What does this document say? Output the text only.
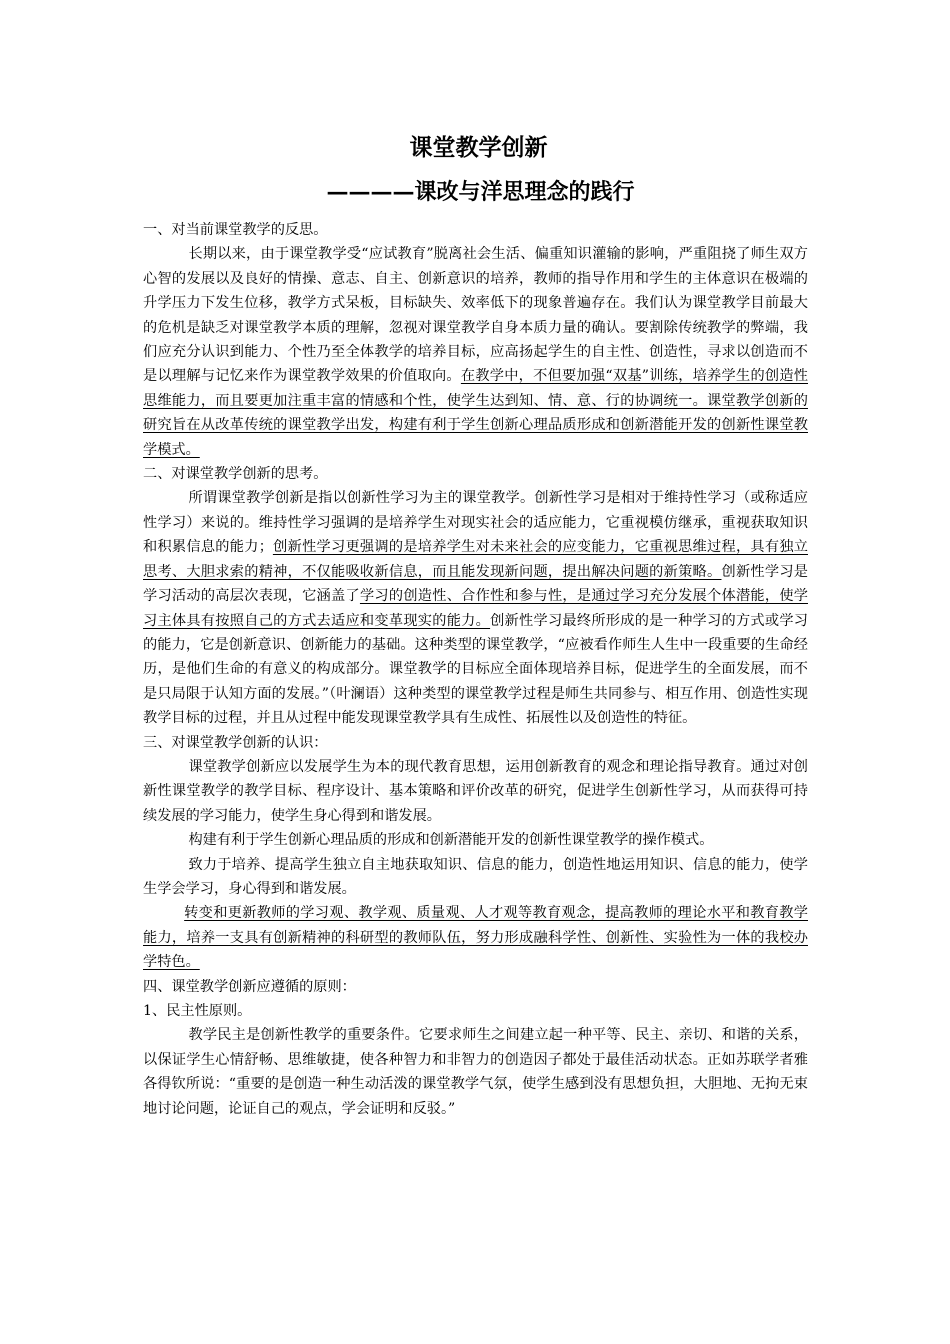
课堂教学创新
————课改与洋思理念的践行
一、对当前课堂教学的反思。

长期以来，由于课堂教学受“应试教育”脱离社会生活、偏重知识灌输的影响，严重阻挠了师生双方心智的发展以及良好的情操、意志、自主、创新意识的培养，教师的指导作用和学生的主体意识在极端的升学压力下发生位移，教学方式呆板，目标缺失、效率低下的现象普遍存在。我们认为课堂教学目前最大的危机是缺乏对课堂教学本质的理解，忽视对课堂教学自身本质力量的确认。要割除传统教学的弊端，我们应充分认识到能力、个性乃至全体教学的培养目标，应高扬起学生的自主性、创造性，寻求以创造而不是以理解与记忆来作为课堂教学效果的价值取向。在教学中，不但要加强“双基”训练，培养学生的创造性思维能力，而且要更加注重丰富的情感和个性，使学生达到知、情、意、行的协调统一。课堂教学创新的研究旨在从改革传统的课堂教学出发，构建有利于学生创新心理品质形成和创新潜能开发的创新性课堂教学模式。

二、对课堂教学创新的思考。

所谓课堂教学创新是指以创新性学习为主的课堂教学。创新性学习是相对于维持性学习（或称适应性学习）来说的。维持性学习强调的是培养学生对现实社会的适应能力，它重视模仿继承，重视获取知识和积累信息的能力；创新性学习更强调的是培养学生对未来社会的应变能力，它重视思维过程，具有独立思考、大胆求索的精神，不仅能吸收新信息，而且能发现新问题，提出解决问题的新策略。创新性学习是学习活动的高层次表现，它涵盖了学习的创造性、合作性和参与性，是通过学习充分发展个体潜能，使学习主体具有按照自己的方式去适应和变革现实的能力。创新性学习最终所形成的是一种学习的方式或学习的能力，它是创新意识、创新能力的基础。这种类型的课堂教学，“应被看作师生人生中一段重要的生命经历，是他们生命的有意义的构成部分。课堂教学的目标应全面体现培养目标，促进学生的全面发展，而不是只局限于认知方面的发展。”（叶澜语）这种类型的课堂教学过程是师生共同参与、相互作用、创造性实现教学目标的过程，并且从过程中能发现课堂教学具有生成性、拓展性以及创造性的特征。

三、对课堂教学创新的认识：

课堂教学创新应以发展学生为本的现代教育思想，运用创新教育的观念和理论指导教育。通过对创新性课堂教学的教学目标、程序设计、基本策略和评价改革的研究，促进学生创新性学习，从而获得可持续发展的学习能力，使学生身心得到和谐发展。

构建有利于学生创新心理品质的形成和创新潜能开发的创新性课堂教学的操作模式。

致力于培养、提高学生独立自主地获取知识、信息的能力，创造性地运用知识、信息的能力，使学生学会学习，身心得到和谐发展。

转变和更新教师的学习观、教学观、质量观、人才观等教育观念，提高教师的理论水平和教育教学能力，培养一支具有创新精神的科研型的教师队伍，努力形成融科学性、创新性、实验性为一体的我校办学特色。

四、课堂教学创新应遵循的原则：
1、民主性原则。

教学民主是创新性教学的重要条件。它要求师生之间建立起一种平等、民主、亲切、和谐的关系，以保证学生心情舒畅、思维敏捷，使各种智力和非智力的创造因子都处于最佳活动状态。正如苏联学者雅各得钦所说：“重要的是创造一种生动活泼的课堂教学气氛，使学生感到没有思想负担，大胆地、无拘无束地讨论问题，论证自己的观点，学会证明和反驳。”
